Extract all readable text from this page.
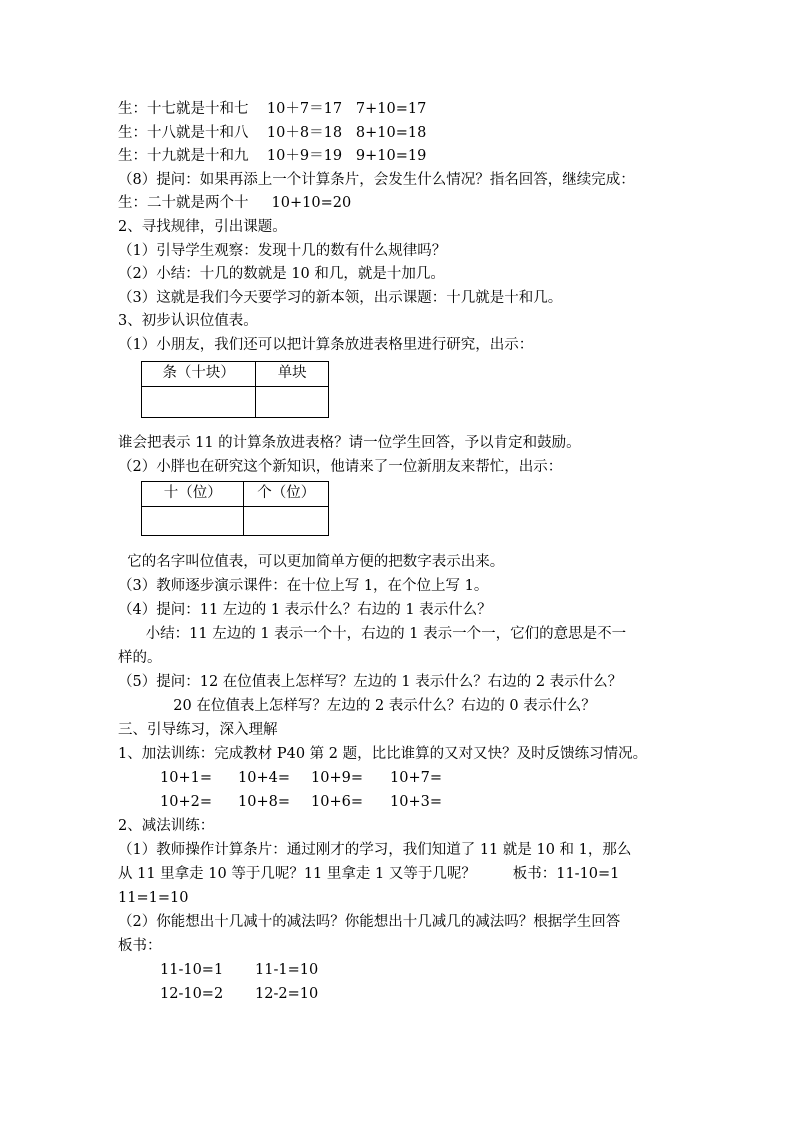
生：十七就是十和七    10＋7＝17   7+10=17
生：十八就是十和八    10＋8＝18   8+10=18
生：十九就是十和九    10＋9＝19   9+10=19
（8）提问：如果再添上一个计算条片，会发生什么情况？指名回答，继续完成：
生：二十就是两个十     10+10=20
2、寻找规律，引出课题。
（1）引导学生观察：发现十几的数有什么规律吗？
（2）小结：十几的数就是 10 和几，就是十加几。
（3）这就是我们今天要学习的新本领，出示课题：十几就是十和几。
3、初步认识位值表。
（1）小朋友，我们还可以把计算条放进表格里进行研究，出示：
条（十块）	单块

谁会把表示 11 的计算条放进表格？请一位学生回答，予以肯定和鼓励。
（2）小胖也在研究这个新知识，他请来了一位新朋友来帮忙，出示：
十（位）	个（位）

它的名字叫位值表，可以更加简单方便的把数字表示出来。
（3）教师逐步演示课件：在十位上写 1，在个位上写 1。
（4）提问：11 左边的 1 表示什么？右边的 1 表示什么？
小结：11 左边的 1 表示一个十，右边的 1 表示一个一，它们的意思是不一
样的。
（5）提问：12 在位值表上怎样写？左边的 1 表示什么？右边的 2 表示什么？
20 在位值表上怎样写？左边的 2 表示什么？右边的 0 表示什么？
三、引导练习，深入理解
1、加法训练：完成教材 P40 第 2 题，比比谁算的又对又快？及时反馈练习情况。
10+1= 10+4= 10+9= 10+7=
10+2= 10+8= 10+6= 10+3=
2、减法训练：
（1）教师操作计算条片：通过刚才的学习，我们知道了 11 就是 10 和 1，那么
从 11 里拿走 10 等于几呢？11 里拿走 1 又等于几呢？        板书：11-10=1
11=1=10
（2）你能想出十几减十的减法吗？你能想出十几减几的减法吗？根据学生回答
板书：
11-10=1 11-1=10
12-10=2 12-2=10
